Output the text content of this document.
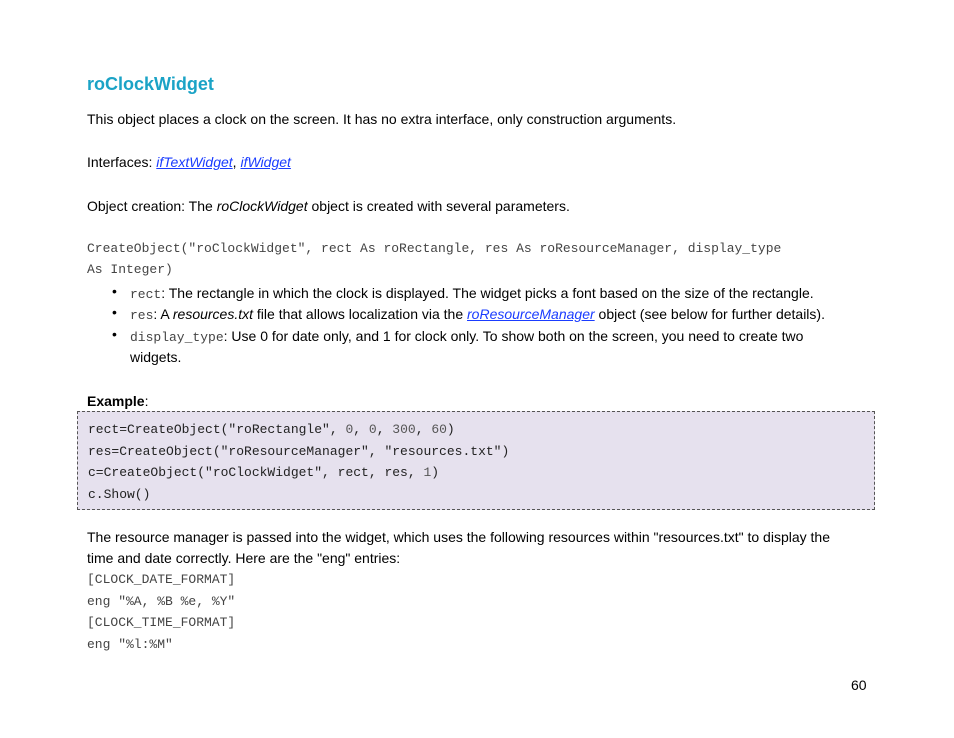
roClockWidget
This object places a clock on the screen. It has no extra interface, only construction arguments.
Interfaces: ifTextWidget, ifWidget
Object creation: The roClockWidget object is created with several parameters.
CreateObject("roClockWidget", rect As roRectangle, res As roResourceManager, display_type
As Integer)
•	rect: The rectangle in which the clock is displayed. The widget picks a font based on the size of the rectangle.
•	res: A resources.txt file that allows localization via the roResourceManager object (see below for further details).
•	display_type: Use 0 for date only, and 1 for clock only. To show both on the screen, you need to create two
widgets.
Example:
rect=CreateObject("roRectangle", 0, 0, 300, 60)
res=CreateObject("roResourceManager", "resources.txt")
c=CreateObject("roClockWidget", rect, res, 1)
c.Show()
The resource manager is passed into the widget, which uses the following resources within "resources.txt" to display the
time and date correctly. Here are the "eng" entries:
[CLOCK_DATE_FORMAT]
eng "%A, %B %e, %Y"
[CLOCK_TIME_FORMAT]
eng "%l:%M"
60
